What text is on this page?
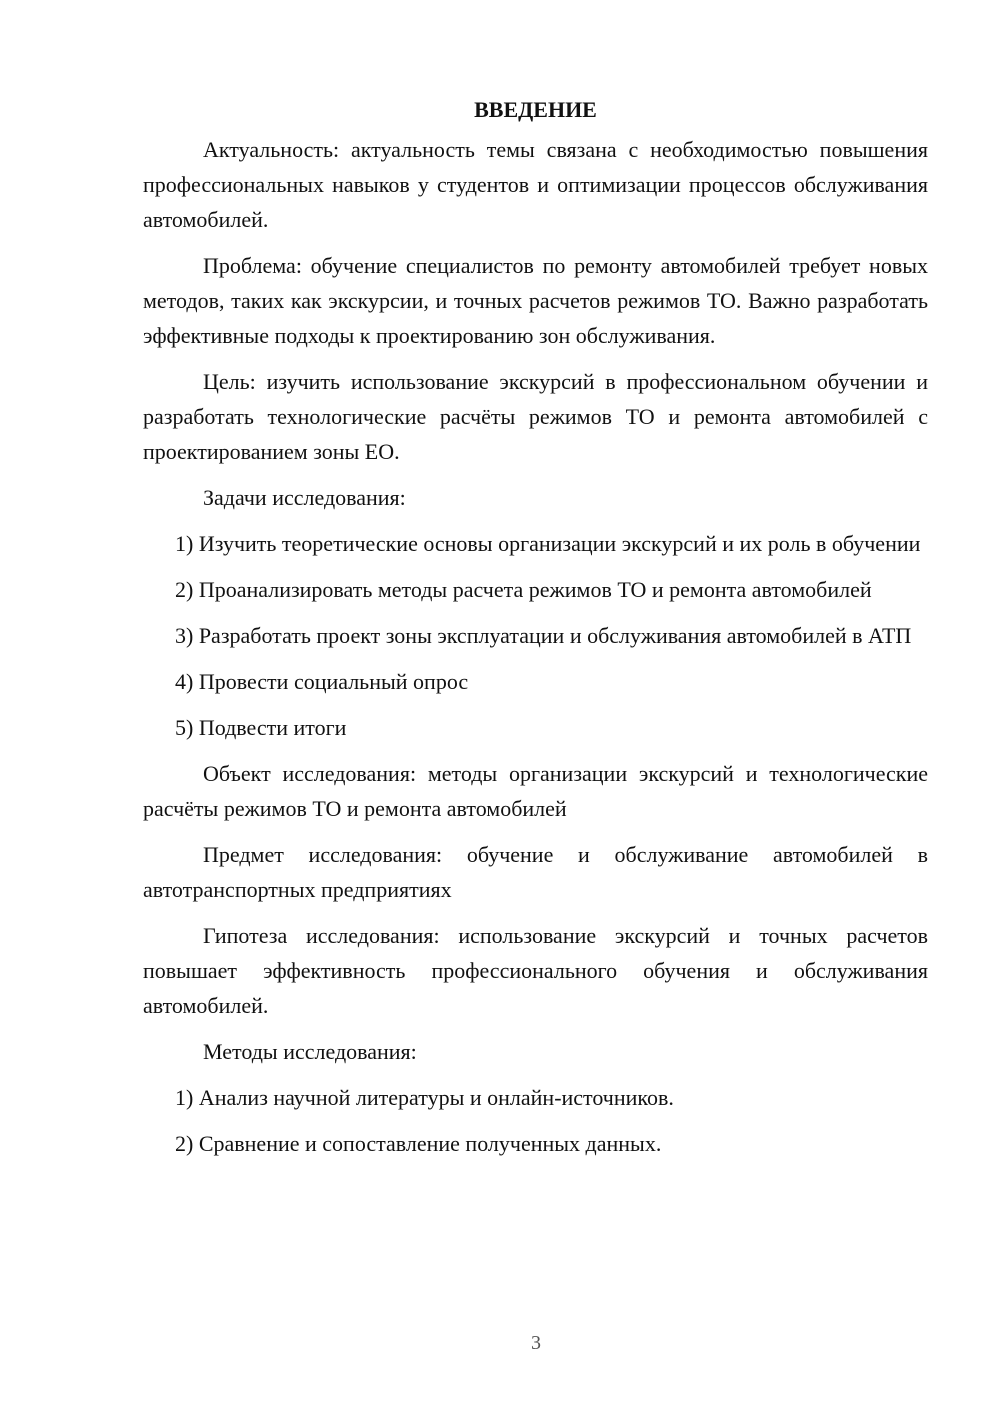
ВВЕДЕНИЕ

Актуальность: актуальность темы связана с необходимостью повышения профессиональных навыков у студентов и оптимизации процессов обслуживания автомобилей.

Проблема: обучение специалистов по ремонту автомобилей требует новых методов, таких как экскурсии, и точных расчетов режимов ТО. Важно разработать эффективные подходы к проектированию зон обслуживания.

Цель: изучить использование экскурсий в профессиональном обучении и разработать технологические расчёты режимов ТО и ремонта автомобилей с проектированием зоны ЕО.

Задачи исследования:

1) Изучить теоретические основы организации экскурсий и их роль в обучении

2) Проанализировать методы расчета режимов ТО и ремонта автомобилей

3) Разработать проект зоны эксплуатации и обслуживания автомобилей в АТП

4) Провести социальный опрос

5) Подвести итоги

Объект исследования: методы организации экскурсий и технологические расчёты режимов ТО и ремонта автомобилей

Предмет исследования: обучение и обслуживание автомобилей в автотранспортных предприятиях

Гипотеза исследования: использование экскурсий и точных расчетов повышает эффективность профессионального обучения и обслуживания автомобилей.

Методы исследования:

1) Анализ научной литературы и онлайн-источников.

2) Сравнение и сопоставление полученных данных.

3
